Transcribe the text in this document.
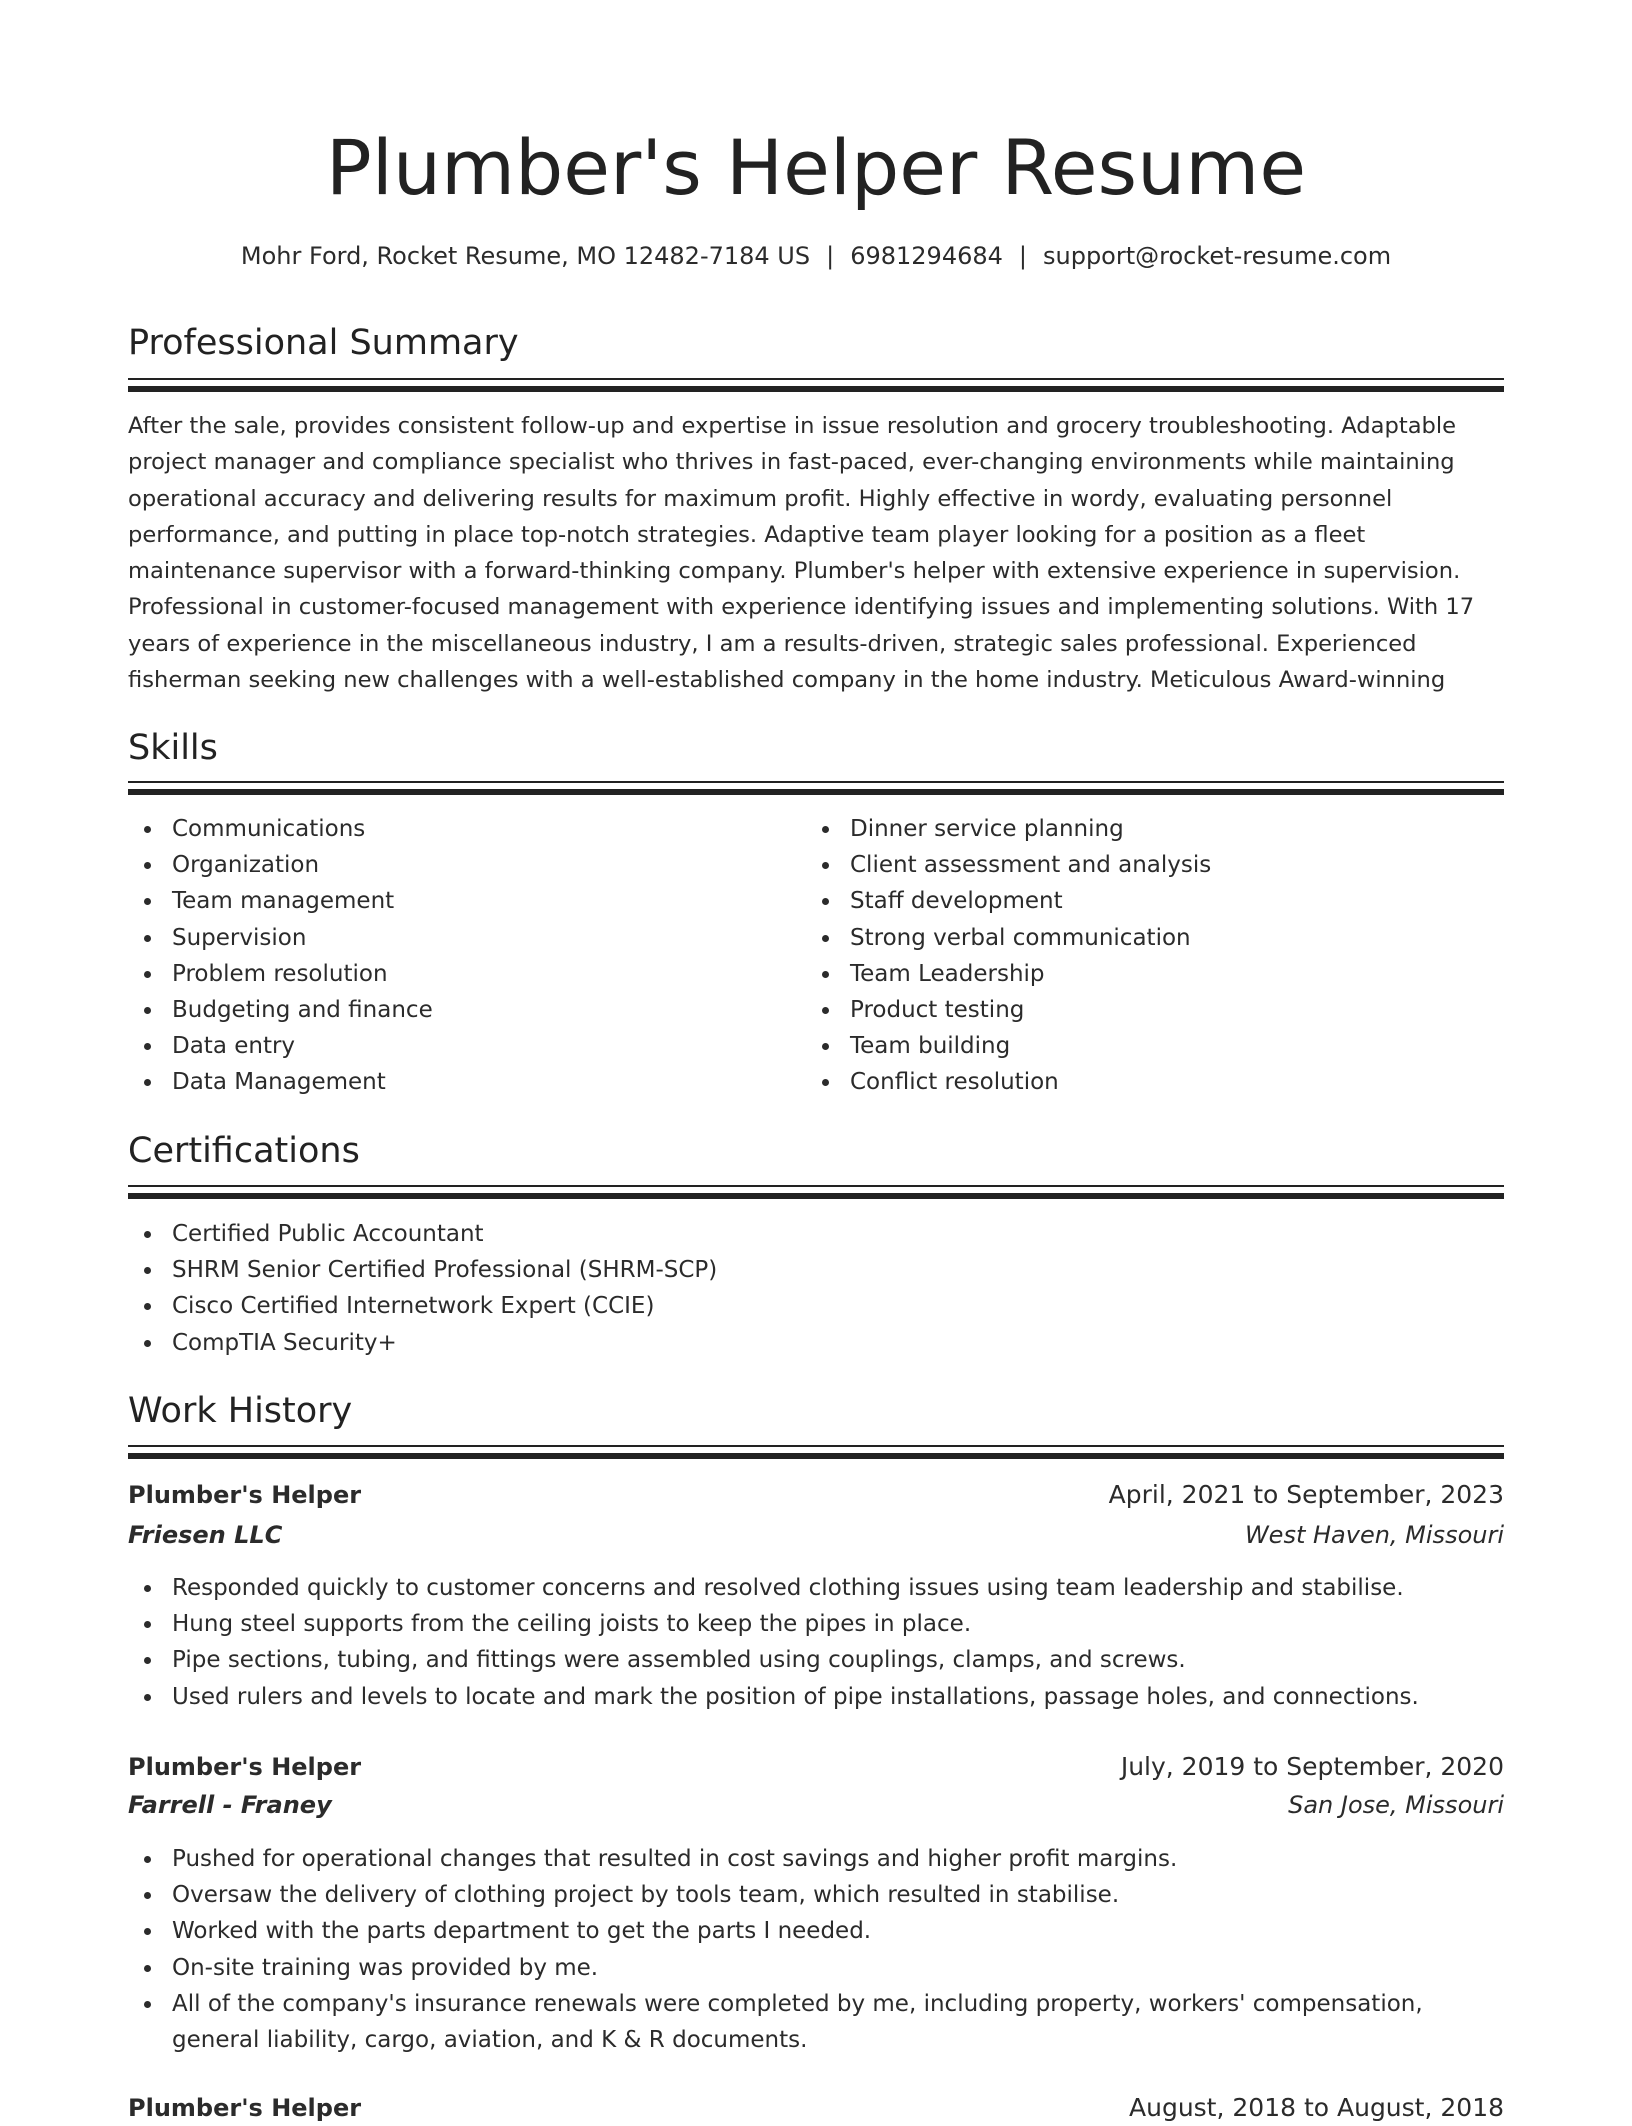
Plumber's Helper Resume
Mohr Ford, Rocket Resume, MO 12482-7184 US | 6981294684 | support@rocket-resume.com
Professional Summary

After the sale, provides consistent follow-up and expertise in issue resolution and grocery troubleshooting. Adaptable project manager and compliance specialist who thrives in fast-paced, ever-changing environments while maintaining operational accuracy and delivering results for maximum profit. Highly effective in wordy, evaluating personnel performance, and putting in place top-notch strategies. Adaptive team player looking for a position as a fleet maintenance supervisor with a forward-thinking company. Plumber's helper with extensive experience in supervision. Professional in customer-focused management with experience identifying issues and implementing solutions. With 17 years of experience in the miscellaneous industry, I am a results-driven, strategic sales professional. Experienced fisherman seeking new challenges with a well-established company in the home industry. Meticulous Award-winning

Skills
Communications
Organization
Team management
Supervision
Problem resolution
Budgeting and finance
Data entry
Data Management
Dinner service planning
Client assessment and analysis
Staff development
Strong verbal communication
Team Leadership
Product testing
Team building
Conflict resolution
Certifications
Certified Public Accountant
SHRM Senior Certified Professional (SHRM-SCP)
Cisco Certified Internetwork Expert (CCIE)
CompTIA Security+
Work History
Plumber's Helper	April, 2021 to September, 2023
Friesen LLC	West Haven, Missouri
Responded quickly to customer concerns and resolved clothing issues using team leadership and stabilise.
Hung steel supports from the ceiling joists to keep the pipes in place.
Pipe sections, tubing, and fittings were assembled using couplings, clamps, and screws.
Used rulers and levels to locate and mark the position of pipe installations, passage holes, and connections.
Plumber's Helper	July, 2019 to September, 2020
Farrell - Franey	San Jose, Missouri
Pushed for operational changes that resulted in cost savings and higher profit margins.
Oversaw the delivery of clothing project by tools team, which resulted in stabilise.
Worked with the parts department to get the parts I needed.
On-site training was provided by me.
All of the company's insurance renewals were completed by me, including property, workers' compensation, general liability, cargo, aviation, and K & R documents.
Plumber's Helper	August, 2018 to August, 2018
